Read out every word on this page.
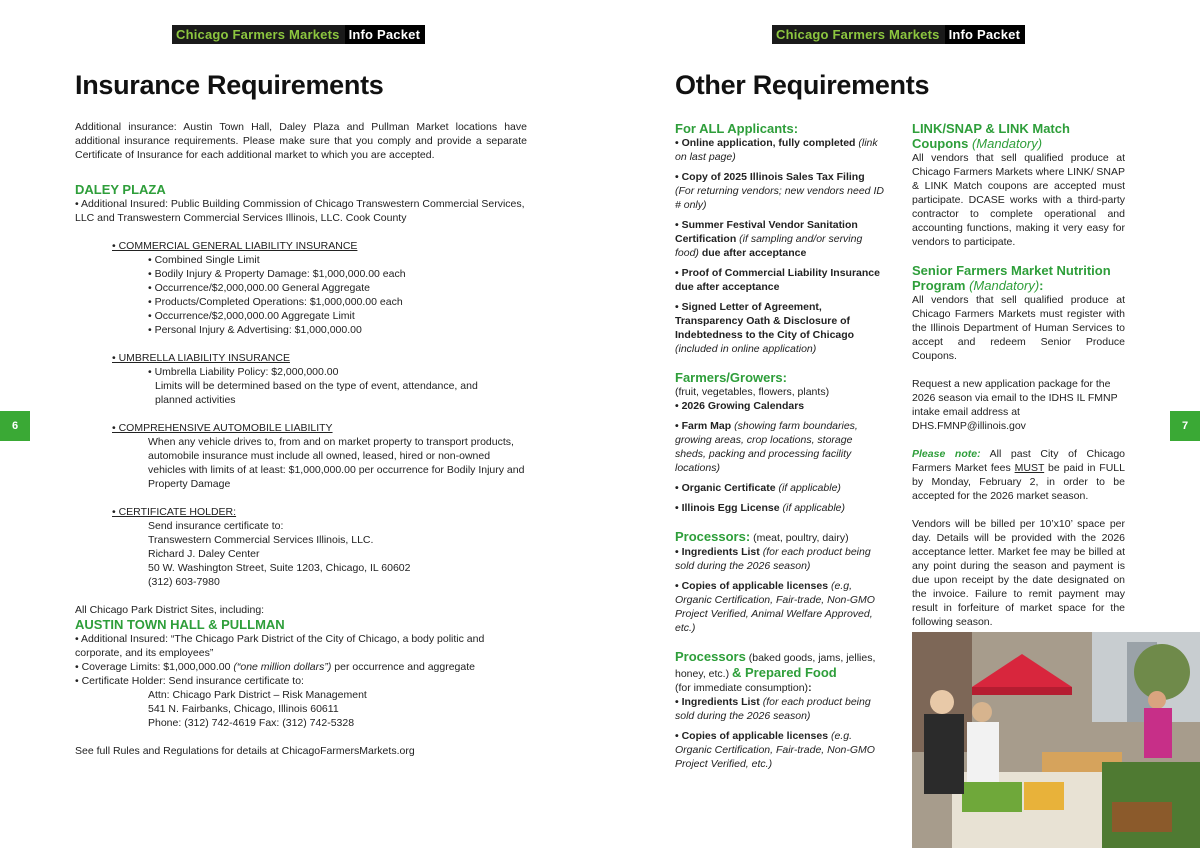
Chicago Farmers Markets Info Packet
Insurance Requirements
6

Additional insurance: Austin Town Hall, Daley Plaza and Pullman Market locations have additional insurance requirements. Please make sure that you comply and provide a separate Certificate of Insurance for each additional market to which you are accepted.

DALEY PLAZA

• Additional Insured: Public Building Commission of Chicago Transwestern Commercial Services, LLC and Transwestern Commercial Services Illinois, LLC. Cook County

• COMMERCIAL GENERAL LIABILITY INSURANCE

• Combined Single Limit

• Bodily Injury & Property Damage: $1,000,000.00 each

• Occurrence/$2,000,000.00 General Aggregate

• Products/Completed Operations: $1,000,000.00 each

• Occurrence/$2,000,000.00 Aggregate Limit

• Personal Injury & Advertising: $1,000,000.00

• UMBRELLA LIABILITY INSURANCE

• Umbrella Liability Policy: $2,000,000.00

Limits will be determined based on the type of event, attendance, and planned activities

• COMPREHENSIVE AUTOMOBILE LIABILITY

When any vehicle drives to, from and on market property to transport products, automobile insurance must include all owned, leased, hired or non-owned vehicles with limits of at least: $1,000,000.00 per occurrence for Bodily Injury and Property Damage

• CERTIFICATE HOLDER:

Send insurance certificate to:

Transwestern Commercial Services Illinois, LLC.

Richard J. Daley Center

50 W. Washington Street, Suite 1203, Chicago, IL 60602

(312) 603-7980

All Chicago Park District Sites, including:

AUSTIN TOWN HALL & PULLMAN

• Additional Insured: “The Chicago Park District of the City of Chicago, a body politic and corporate, and its employees”

• Coverage Limits: $1,000,000.00 (“one million dollars”) per occurrence and aggregate

• Certificate Holder: Send insurance certificate to:

Attn: Chicago Park District – Risk Management

541 N. Fairbanks, Chicago, Illinois 60611

Phone: (312) 742-4619 Fax: (312) 742-5328

See full Rules and Regulations for details at ChicagoFarmersMarkets.org

Chicago Farmers Markets Info Packet
Other Requirements
7

For ALL Applicants:

• Online application, fully completed (link on last page)

• Copy of 2025 Illinois Sales Tax Filing (For returning vendors; new vendors need ID # only)

• Summer Festival Vendor Sanitation Certification (if sampling and/or serving food) due after acceptance

• Proof of Commercial Liability Insurance due after acceptance

• Signed Letter of Agreement, Transparency Oath & Disclosure of Indebtedness to the City of Chicago (included in online application)

Farmers/Growers:

(fruit, vegetables, flowers, plants)

• 2026 Growing Calendars

• Farm Map (showing farm boundaries, growing areas, crop locations, storage sheds, packing and processing facility locations)

• Organic Certificate (if applicable)

• Illinois Egg License (if applicable)

Processors: (meat, poultry, dairy)

• Ingredients List (for each product being sold during the 2026 season)

• Copies of applicable licenses (e.g, Organic Certification, Fair-trade, Non-GMO Project Verified, Animal Welfare Approved, etc.)

Processors (baked goods, jams, jellies, honey, etc.) & Prepared Food

(for immediate consumption):

• Ingredients List (for each product being sold during the 2026 season)

• Copies of applicable licenses (e.g. Organic Certification, Fair-trade, Non-GMO Project Verified, etc.)

LINK/SNAP & LINK Match Coupons (Mandatory)

All vendors that sell qualified produce at Chicago Farmers Markets where LINK/ SNAP & LINK Match coupons are accepted must participate. DCASE works with a third-party contractor to complete operational and accounting functions, making it very easy for vendors to participate.

Senior Farmers Market Nutrition Program (Mandatory):

All vendors that sell qualified produce at Chicago Farmers Markets must register with the Illinois Department of Human Services to accept and redeem Senior Produce Coupons.

Request a new application package for the 2026 season via email to the IDHS IL FMNP intake email address at DHS.FMNP@illinois.gov

Please note: All past City of Chicago Farmers Market fees MUST be paid in FULL by Monday, February 2, in order to be accepted for the 2026 market season.

Vendors will be billed per 10’x10’ space per day. Details will be provided with the 2026 acceptance letter. Market fee may be billed at any point during the season and payment is due upon receipt by the date designated on the invoice. Failure to remit payment may result in forfeiture of market space for the following season.
